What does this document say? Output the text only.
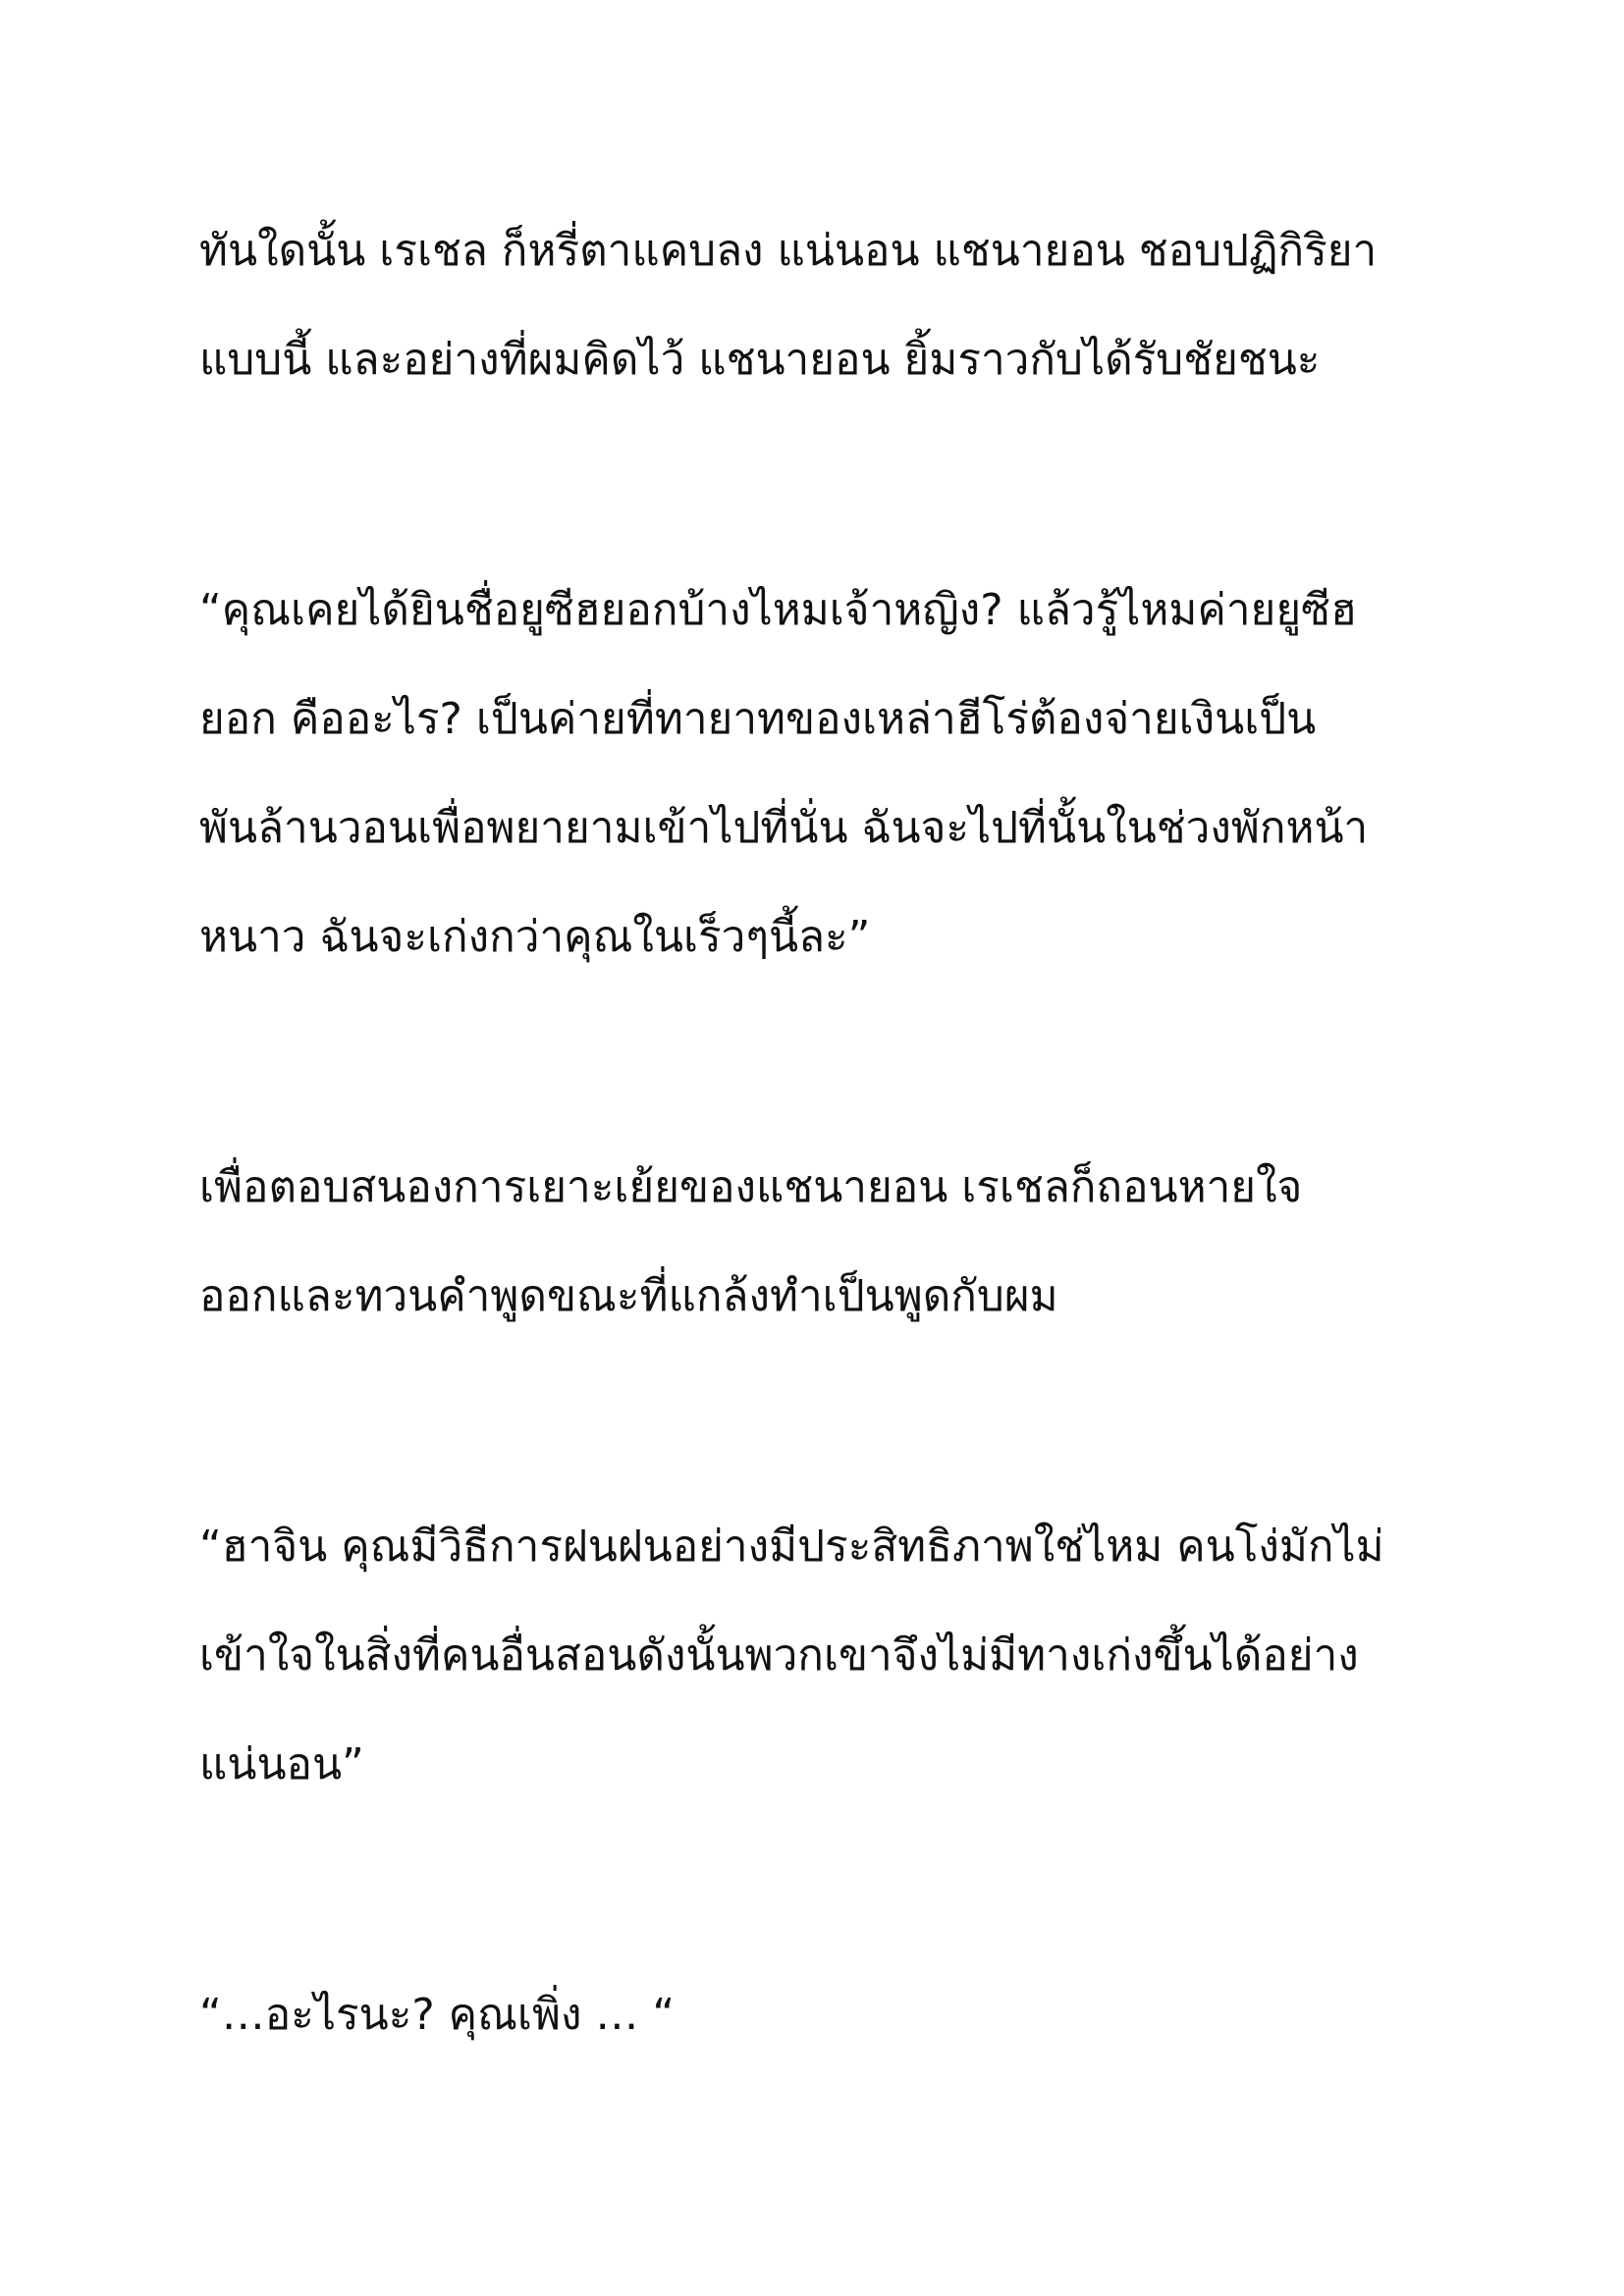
ทันใดนั้น เรเชล ก็หรี่ตาแคบลง แน่นอน แชนายอน ชอบปฏิกิริยา

แบบนี้ และอย่างที่ผมคิดไว้ แชนายอน ยิ้มราวกับได้รับชัยชนะ

“คุณเคยได้ยินชื่อยูซีฮยอกบ้างไหมเจ้าหญิง? แล้วรู้ไหมค่ายยูซีฮ

ยอก คืออะไร? เป็นค่ายที่ทายาทของเหล่าฮีโร่ต้องจ่ายเงินเป็น

พันล้านวอนเพื่อพยายามเข้าไปที่นั่น ฉันจะไปที่นั้นในช่วงพักหน้า

หนาว ฉันจะเก่งกว่าคุณในเร็วๆนี้ละ”

เพื่อตอบสนองการเยาะเย้ยของแชนายอน เรเชลก็ถอนหายใจ

ออกและทวนคำพูดขณะที่แกล้งทำเป็นพูดกับผม

“ฮาจิน คุณมีวิธีการฝนฝนอย่างมีประสิทธิภาพใช่ไหม คนโง่มักไม่

เข้าใจในสิ่งที่คนอื่นสอนดังนั้นพวกเขาจึงไม่มีทางเก่งขึ้นได้อย่าง

แน่นอน”

“…อะไรนะ? คุณเพิ่ง … “
